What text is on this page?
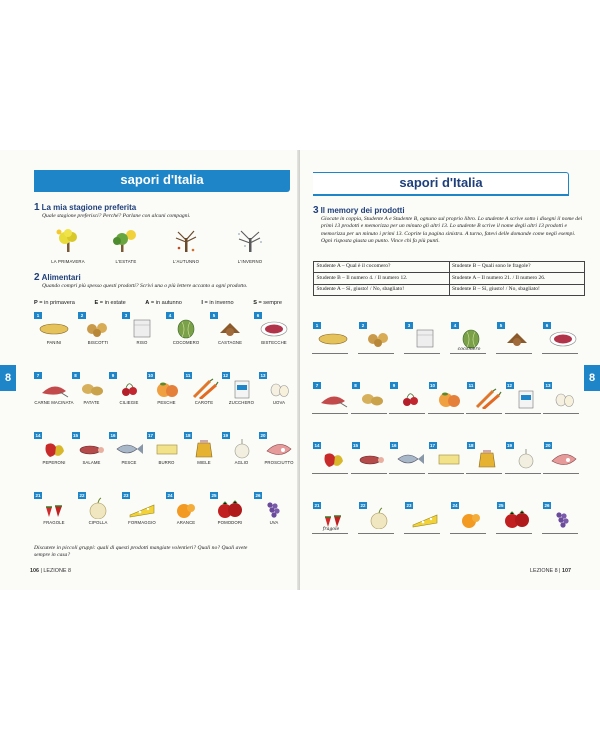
sapori d'Italia
1 La mia stagione preferita
Quale stagione preferisci? Perché? Parlane con alcuni compagni.
LA PRIMAVERA	L'ESTATE	L'AUTUNNO	L'INVERNO
2 Alimentari
Quando compri più spesso questi prodotti? Scrivi una o più lettere accanto a ogni prodotto.
P = in primavera	E = in estate	A = in autunno	I = in inverno	S = sempre
1
PANINI
2
BISCOTTI
3
RISO
4
COCOMERO
5
CASTAGNE
6
BISTECCHE
7
CARNE MACINATA
8
PATATE
9
CILIEGIE
10
PESCHE
11
CAROTE
12
ZUCCHERO
13
UOVA
14
PEPERONI
15
SALAME
16
PESCE
17
BURRO
18
MIELE
19
AGLIO
20
PROSCIUTTO
21
FRAGOLE
22
CIPOLLA
23
FORMAGGIO
24
ARANCE
25
POMODORI
26
UVA
Discutete in piccoli gruppi: quali di questi prodotti mangiate volentieri? Quali no? Quali avete sempre in casa?
106 | LEZIONE 8
8
sapori d'Italia
3 Il memory dei prodotti
Giocate in coppia, Studente A e Studente B, ognuno sul proprio libro. Lo studente A scrive sotto i disegni il nome dei primi 13 prodotti e memorizza per un minuto gli altri 13. Lo studente B scrive il nome degli altri 13 prodotti e memorizza per un minuto i primi 13. Coprite la pagina sinistra. A turno, fatevi delle domande come negli esempi. Ogni risposta giusta un punto. Vince chi fa più punti.
Studente A – Qual è il cocomero?	Studente B – Quali sono le fragole?
Studente B – Il numero 4. / Il numero 12.	Studente A – Il numero 21. / Il numero 26.
Studente A – Sì, giusto! / No, sbagliato!	Studente B – Sì, giusto! / No, sbagliato!
1	2	3	4
cocomero
5	6
7	8	9	10	11	12	13
14	15	16	17	18	19	20
21
fragole
22	23	24	25	26
LEZIONE 8 | 107
8
